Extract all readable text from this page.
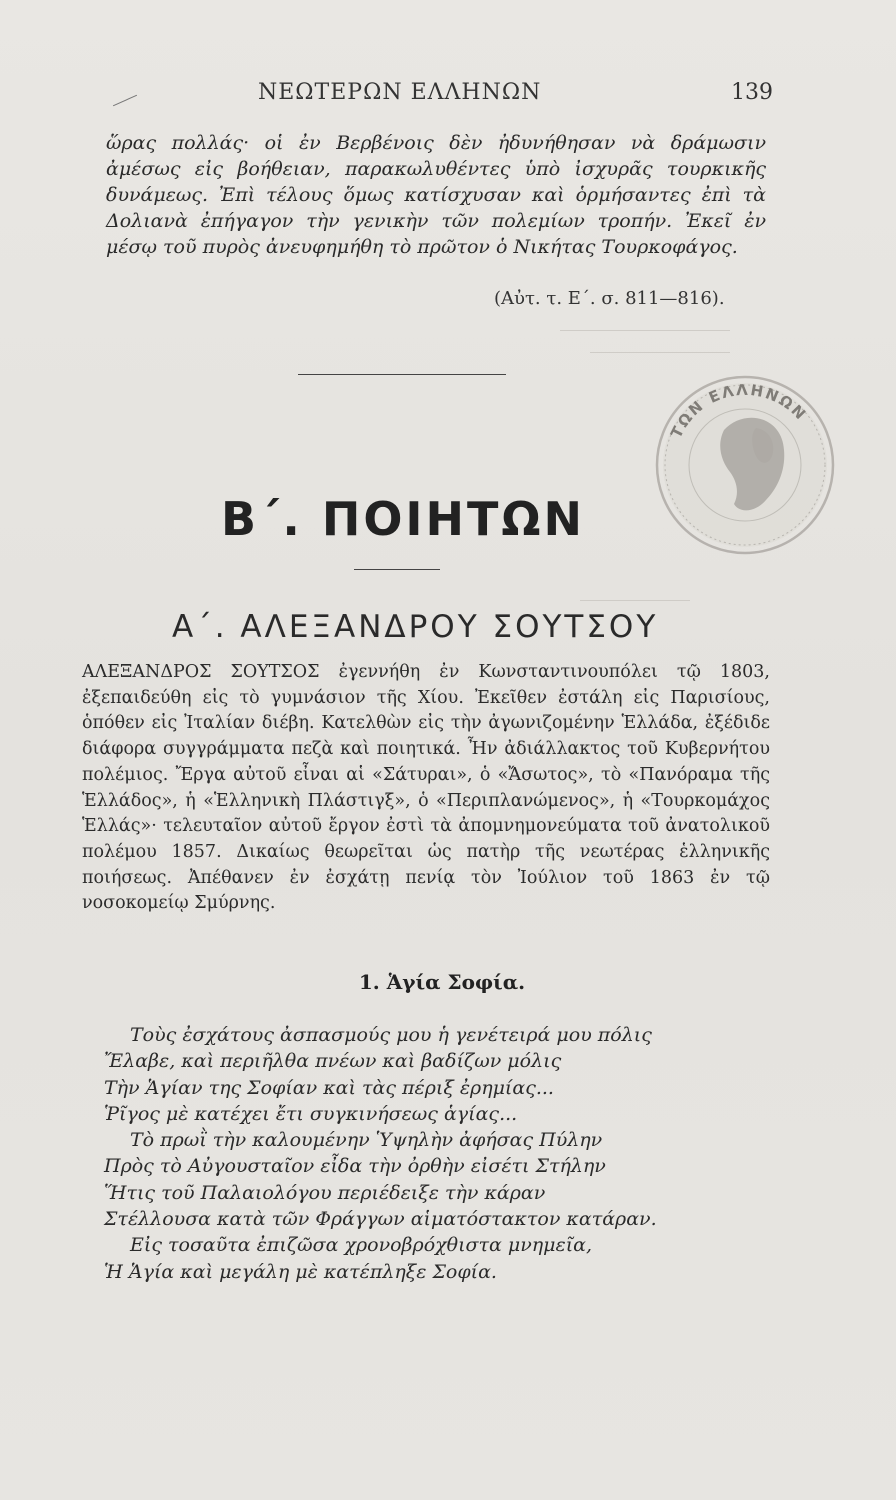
ΝΕΩΤΕΡΩΝ ΕΛΛΗΝΩΝ	139
ὥρας πολλάς· οἱ ἐν Βερβένοις δὲν ἠδυνήθησαν νὰ δράμωσιν ἀμέσως εἰς βοήθειαν, παρακωλυθέντες ὑπὸ ἰσχυρᾶς τουρκικῆς δυνάμεως. Ἐπὶ τέλους ὅμως κατίσχυσαν καὶ ὁρμήσαντες ἐπὶ τὰ Δολιανὰ ἐπήγαγον τὴν γενικὴν τῶν πολεμίων τροπήν. Ἐκεῖ ἐν μέσῳ τοῦ πυρὸς ἀνευφημήθη τὸ πρῶτον ὁ Νικήτας Τουρκοφάγος.
(Αὐτ. τ. Ε΄. σ. 811—816).
ΤΩΝ ΕΛΛΗΝΩΝ
Β΄. ΠΟΙΗΤΩΝ
Α΄. ΑΛΕΞΑΝΔΡΟΥ ΣΟΥΤΣΟΥ
ΑΛΕΞΑΝΔΡΟΣ ΣΟΥΤΣΟΣ ἐγεννήθη ἐν Κωνσταντινουπόλει τῷ 1803, ἐξεπαιδεύθη εἰς τὸ γυμνάσιον τῆς Χίου. Ἐκεῖθεν ἐστάλη εἰς Παρισίους, ὁπόθεν εἰς Ἰταλίαν διέβη. Κατελθὼν εἰς τὴν ἀγωνιζομένην Ἑλλάδα, ἐξέδιδε διάφορα συγγράμματα πεζὰ καὶ ποιητικά. Ἦν ἀδιάλλακτος τοῦ Κυβερνήτου πολέμιος. Ἔργα αὐτοῦ εἶναι αἱ «Σάτυραι», ὁ «Ἄσωτος», τὸ «Πανόραμα τῆς Ἑλλάδος», ἡ «Ἑλληνικὴ Πλάστιγξ», ὁ «Περιπλανώμενος», ἡ «Τουρκομάχος Ἑλλάς»· τελευταῖον αὐτοῦ ἔργον ἐστὶ τὰ ἀπομνημονεύματα τοῦ ἀνατολικοῦ πολέμου 1857. Δικαίως θεωρεῖται ὡς πατὴρ τῆς νεωτέρας ἑλληνικῆς ποιήσεως. Ἀπέθανεν ἐν ἐσχάτῃ πενίᾳ τὸν Ἰούλιον τοῦ 1863 ἐν τῷ νοσοκομείῳ Σμύρνης.
1. Ἁγία Σοφία.
Τοὺς ἐσχάτους ἀσπασμούς μου ἡ γενέτειρά μου πόλις
Ἔλαβε, καὶ περιῆλθα πνέων καὶ βαδίζων μόλις
Τὴν Ἁγίαν της Σοφίαν καὶ τὰς πέριξ ἐρημίας...
Ῥῖγος μὲ κατέχει ἔτι συγκινήσεως ἁγίας...
Τὸ πρωῒ τὴν καλουμένην Ὑψηλὴν ἀφήσας Πύλην
Πρὸς τὸ Αὐγουσταῖον εἶδα τὴν ὀρθὴν εἰσέτι Στήλην
Ἥτις τοῦ Παλαιολόγου περιέδειξε τὴν κάραν
Στέλλουσα κατὰ τῶν Φράγγων αἱματόστακτον κατάραν.
Εἰς τοσαῦτα ἐπιζῶσα χρονοβρόχθιστα μνημεῖα,
Ἡ Ἁγία καὶ μεγάλη μὲ κατέπληξε Σοφία.
